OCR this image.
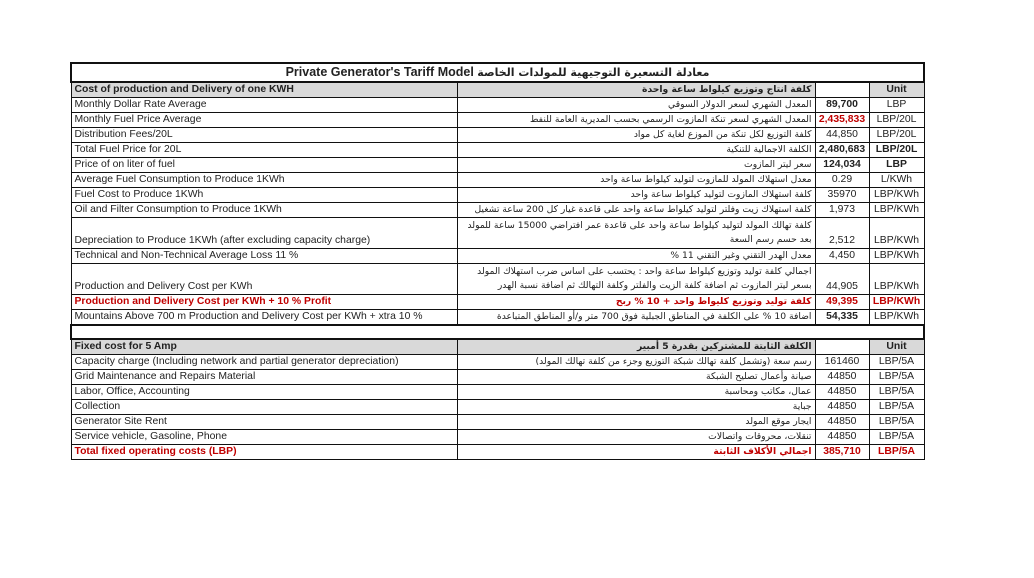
Private Generator's Tariff Model معادلة التسعيرة التوجيهية للمولدات الخاصة			
Cost of production and Delivery of one KWH	كلفة انتاج وتوزيع كيلواط ساعة واحدة		Unit
Monthly Dollar Rate Average	المعدل الشهري لسعر الدولار السوقي	89,700	LBP
Monthly Fuel Price Average	المعدل الشهري لسعر تنكة المازوت الرسمي بحسب المديرية العامة للنفط	2,435,833	LBP/20L
Distribution Fees/20L	كلفة التوزيع لكل تنكة من الموزع لغاية كل مواد	44,850	LBP/20L
Total Fuel Price for 20L	الكلفة الاجمالية للتنكية	2,480,683	LBP/20L
Price of on liter of fuel	سعر ليتر المازوت	124,034	LBP
Average Fuel Consumption to Produce 1KWh	معدل استهلاك المولد للمازوت لتوليد كيلواط ساعة واحد	0.29	L/KWh
Fuel Cost to Produce 1KWh	كلفة استهلاك المازوت لتوليد كيلواط ساعة واحد	35970	LBP/KWh
Oil and Filter Consumption to Produce 1KWh	كلفة استهلاك زيت وفلتر لتوليد كيلواط ساعة واحد على قاعدة غيار كل 200 ساعة تشغيل	1,973	LBP/KWh
Depreciation to Produce 1KWh (after excluding capacity charge)	كلفة تهالك المولد لتوليد كيلواط ساعة واحد على قاعدة عمر افتراضي 15000 ساعة للمولد بعد حسم رسم السعة	2,512	LBP/KWh
Technical and Non-Technical Average Loss 11 %	معدل الهدر التقني وغير التقني 11 %	4,450	LBP/KWh
Production and Delivery Cost per KWh	اجمالي كلفة توليد وتوزيع كيلواط ساعة واحد : يحتسب على اساس ضرب استهلاك المولد بسعر ليتر المازوت ثم اضافة كلفة الزيت والفلتر وكلفة التهالك ثم اضافة نسبة الهدر	44,905	LBP/KWh
Production and Delivery Cost per KWh + 10 % Profit	كلفة توليد وتوزيع كليواط واحد + 10 % ربح	49,395	LBP/KWh
Mountains Above 700 m Production and Delivery Cost per KWh + xtra 10 %	اضافة 10 % على الكلفة في المناطق الجبلية فوق 700 متر و/أو المناطق المتباعدة	54,335	LBP/KWh

Fixed cost for 5 Amp	الكلفة الثابتة للمشتركين بقدرة 5 أمبير		Unit
Capacity charge (Including network and partial generator depreciation)	رسم سعة (وتشمل كلفة تهالك شبكة التوزيع وجزء من كلفة تهالك المولد)	161460	LBP/5A
Grid Maintenance and Repairs Material	صيانة وأعمال تصليح الشبكة	44850	LBP/5A
Labor, Office, Accounting	عمال، مكاتب ومحاسبة	44850	LBP/5A
Collection	جباية	44850	LBP/5A
Generator Site Rent	ايجار موقع المولد	44850	LBP/5A
Service vehicle, Gasoline, Phone	تنقلات، محروقات واتصالات	44850	LBP/5A
Total fixed operating costs (LBP)	اجمالي الأكلاف الثابتة	385,710	LBP/5A
